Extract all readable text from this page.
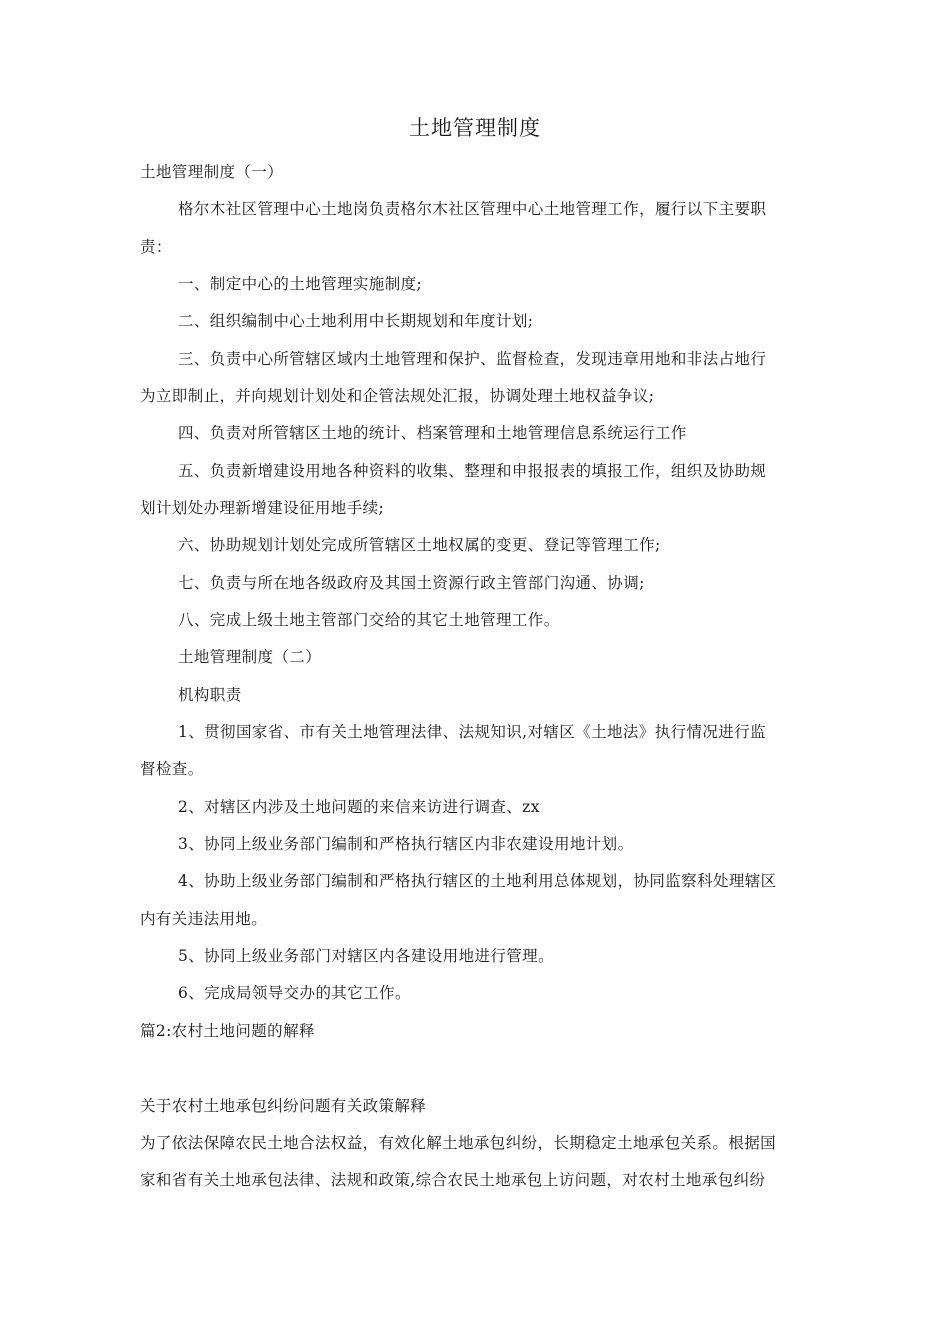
土地管理制度
土地管理制度（一）
格尔木社区管理中心土地岗负责格尔木社区管理中心土地管理工作，履行以下主要职
责：
一、制定中心的土地管理实施制度;
二、组织编制中心土地利用中长期规划和年度计划;
三、负责中心所管辖区域内土地管理和保护、监督检查，发现违章用地和非法占地行
为立即制止，并向规划计划处和企管法规处汇报，协调处理土地权益争议;
四、负责对所管辖区土地的统计、档案管理和土地管理信息系统运行工作
五、负责新增建设用地各种资料的收集、整理和申报报表的填报工作，组织及协助规
划计划处办理新增建设征用地手续;
六、协助规划计划处完成所管辖区土地权属的变更、登记等管理工作;
七、负责与所在地各级政府及其国土资源行政主管部门沟通、协调;
八、完成上级土地主管部门交给的其它土地管理工作。
土地管理制度（二）
机构职责
1、贯彻国家省、市有关土地管理法律、法规知识,对辖区《土地法》执行情况进行监
督检查。
2、对辖区内涉及土地问题的来信来访进行调查、zx
3、协同上级业务部门编制和严格执行辖区内非农建设用地计划。
4、协助上级业务部门编制和严格执行辖区的土地利用总体规划，协同监察科处理辖区
内有关违法用地。
5、协同上级业务部门对辖区内各建设用地进行管理。
6、完成局领导交办的其它工作。
篇2:农村土地问题的解释
关于农村土地承包纠纷问题有关政策解释
为了依法保障农民土地合法权益，有效化解土地承包纠纷，长期稳定土地承包关系。根据国
家和省有关土地承包法律、法规和政策,综合农民土地承包上访问题，对农村土地承包纠纷
